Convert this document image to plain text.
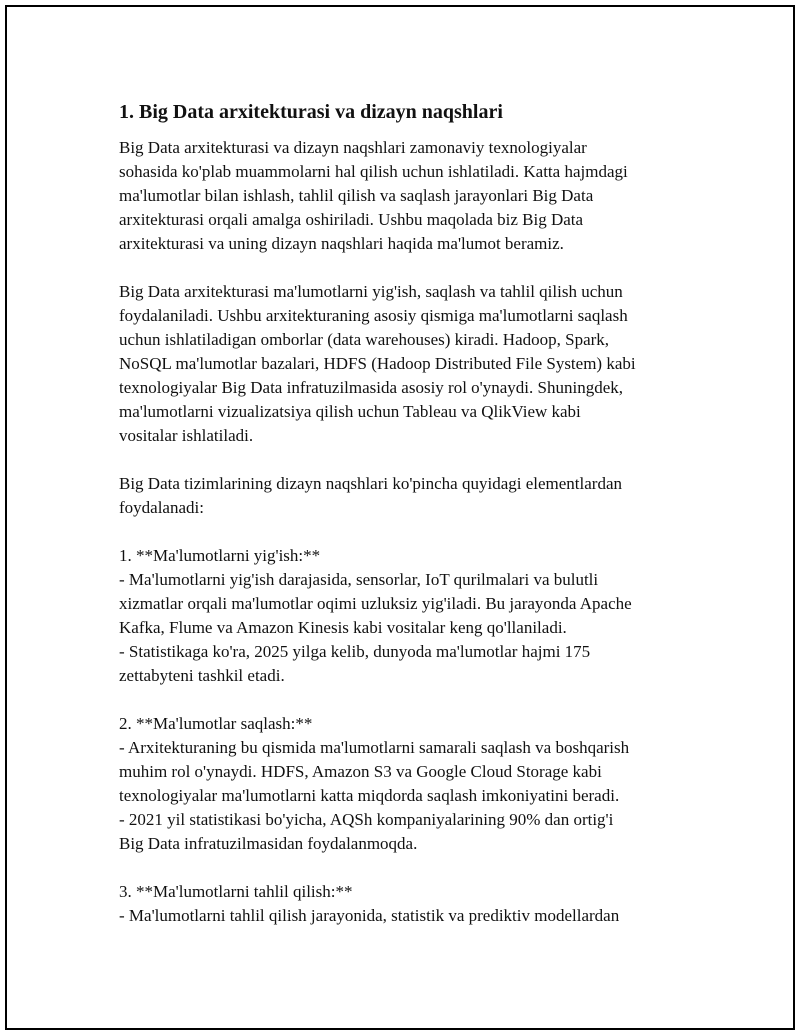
1. Big Data arxitekturasi va dizayn naqshlari

Big Data arxitekturasi va dizayn naqshlari zamonaviy texnologiyalar
sohasida ko'plab muammolarni hal qilish uchun ishlatiladi. Katta hajmdagi
ma'lumotlar bilan ishlash, tahlil qilish va saqlash jarayonlari Big Data
arxitekturasi orqali amalga oshiriladi. Ushbu maqolada biz Big Data
arxitekturasi va uning dizayn naqshlari haqida ma'lumot beramiz.

Big Data arxitekturasi ma'lumotlarni yig'ish, saqlash va tahlil qilish uchun
foydalaniladi. Ushbu arxitekturaning asosiy qismiga ma'lumotlarni saqlash
uchun ishlatiladigan omborlar (data warehouses) kiradi. Hadoop, Spark,
NoSQL ma'lumotlar bazalari, HDFS (Hadoop Distributed File System) kabi
texnologiyalar Big Data infratuzilmasida asosiy rol o'ynaydi. Shuningdek,
ma'lumotlarni vizualizatsiya qilish uchun Tableau va QlikView kabi
vositalar ishlatiladi.

Big Data tizimlarining dizayn naqshlari ko'pincha quyidagi elementlardan
foydalanadi:

1. **Ma'lumotlarni yig'ish:**
- Ma'lumotlarni yig'ish darajasida, sensorlar, IoT qurilmalari va bulutli
xizmatlar orqali ma'lumotlar oqimi uzluksiz yig'iladi. Bu jarayonda Apache
Kafka, Flume va Amazon Kinesis kabi vositalar keng qo'llaniladi.
- Statistikaga ko'ra, 2025 yilga kelib, dunyoda ma'lumotlar hajmi 175
zettabyteni tashkil etadi.

2. **Ma'lumotlar saqlash:**
- Arxitekturaning bu qismida ma'lumotlarni samarali saqlash va boshqarish
muhim rol o'ynaydi. HDFS, Amazon S3 va Google Cloud Storage kabi
texnologiyalar ma'lumotlarni katta miqdorda saqlash imkoniyatini beradi.
- 2021 yil statistikasi bo'yicha, AQSh kompaniyalarining 90% dan ortig'i
Big Data infratuzilmasidan foydalanmoqda.

3. **Ma'lumotlarni tahlil qilish:**
- Ma'lumotlarni tahlil qilish jarayonida, statistik va prediktiv modellardan
